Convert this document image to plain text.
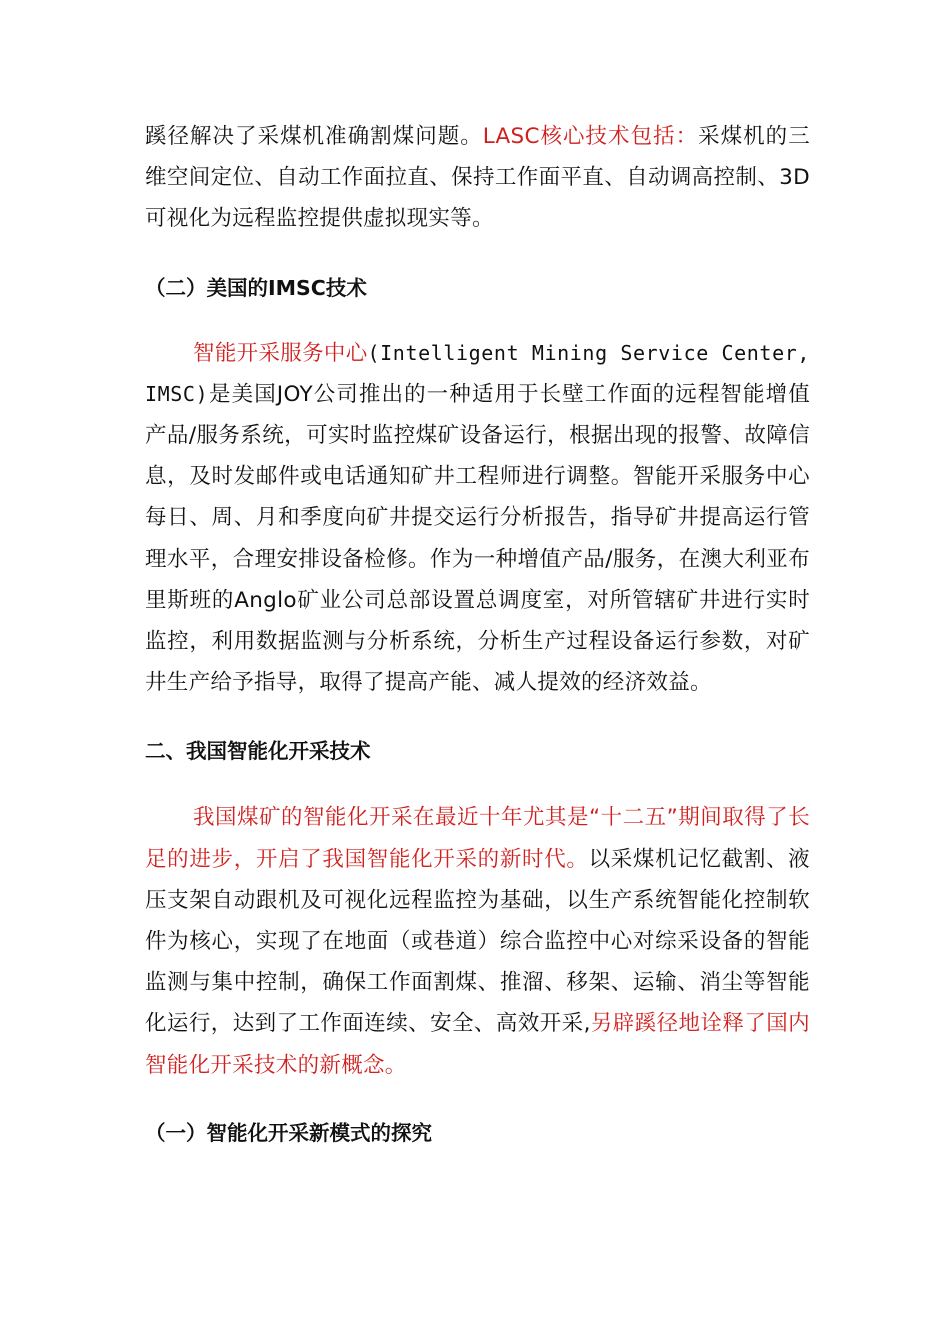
蹊径解决了采煤机准确割煤问题。LASC核心技术包括：采煤机的三维空间定位、自动工作面拉直、保持工作面平直、自动调高控制、3D可视化为远程监控提供虚拟现实等。

（二）美国的IMSC技术

智能开采服务中心(Intelligent Mining Service Center, IMSC)是美国JOY公司推出的一种适用于长壁工作面的远程智能增值产品/服务系统，可实时监控煤矿设备运行，根据出现的报警、故障信息，及时发邮件或电话通知矿井工程师进行调整。智能开采服务中心每日、周、月和季度向矿井提交运行分析报告，指导矿井提高运行管理水平，合理安排设备检修。作为一种增值产品/服务，在澳大利亚布里斯班的Anglo矿业公司总部设置总调度室，对所管辖矿井进行实时监控，利用数据监测与分析系统，分析生产过程设备运行参数，对矿井生产给予指导，取得了提高产能、减人提效的经济效益。

二、我国智能化开采技术

我国煤矿的智能化开采在最近十年尤其是“十二五”期间取得了长足的进步，开启了我国智能化开采的新时代。以采煤机记忆截割、液压支架自动跟机及可视化远程监控为基础，以生产系统智能化控制软件为核心，实现了在地面（或巷道）综合监控中心对综采设备的智能监测与集中控制，确保工作面割煤、推溜、移架、运输、消尘等智能化运行，达到了工作面连续、安全、高效开采,另辟蹊径地诠释了国内智能化开采技术的新概念。

（一）智能化开采新模式的探究
